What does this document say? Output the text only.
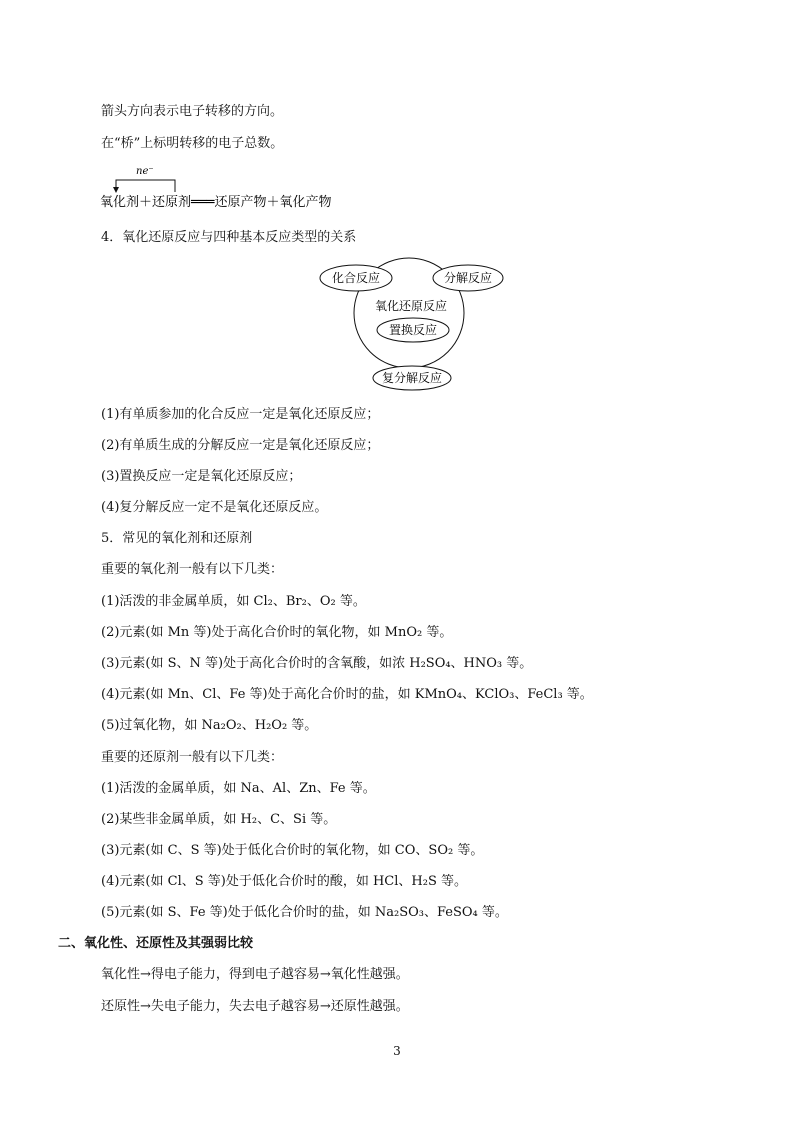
箭头方向表示电子转移的方向。
在“桥”上标明转移的电子总数。
ne⁻
氧化剂＋还原剂═══还原产物＋氧化产物
4．氧化还原反应与四种基本反应类型的关系
化合反应	分解反应
氧化还原反应
置换反应
复分解反应
(1)有单质参加的化合反应一定是氧化还原反应；
(2)有单质生成的分解反应一定是氧化还原反应；
(3)置换反应一定是氧化还原反应；
(4)复分解反应一定不是氧化还原反应。
5．常见的氧化剂和还原剂
重要的氧化剂一般有以下几类：
(1)活泼的非金属单质，如 Cl₂、Br₂、O₂ 等。
(2)元素(如 Mn 等)处于高化合价时的氧化物，如 MnO₂ 等。
(3)元素(如 S、N 等)处于高化合价时的含氧酸，如浓 H₂SO₄、HNO₃ 等。
(4)元素(如 Mn、Cl、Fe 等)处于高化合价时的盐，如 KMnO₄、KClO₃、FeCl₃ 等。
(5)过氧化物，如 Na₂O₂、H₂O₂ 等。
重要的还原剂一般有以下几类：
(1)活泼的金属单质，如 Na、Al、Zn、Fe 等。
(2)某些非金属单质，如 H₂、C、Si 等。
(3)元素(如 C、S 等)处于低化合价时的氧化物，如 CO、SO₂ 等。
(4)元素(如 Cl、S 等)处于低化合价时的酸，如 HCl、H₂S 等。
(5)元素(如 S、Fe 等)处于低化合价时的盐，如 Na₂SO₃、FeSO₄ 等。
二、氧化性、还原性及其强弱比较
氧化性→得电子能力，得到电子越容易→氧化性越强。
还原性→失电子能力，失去电子越容易→还原性越强。
3
